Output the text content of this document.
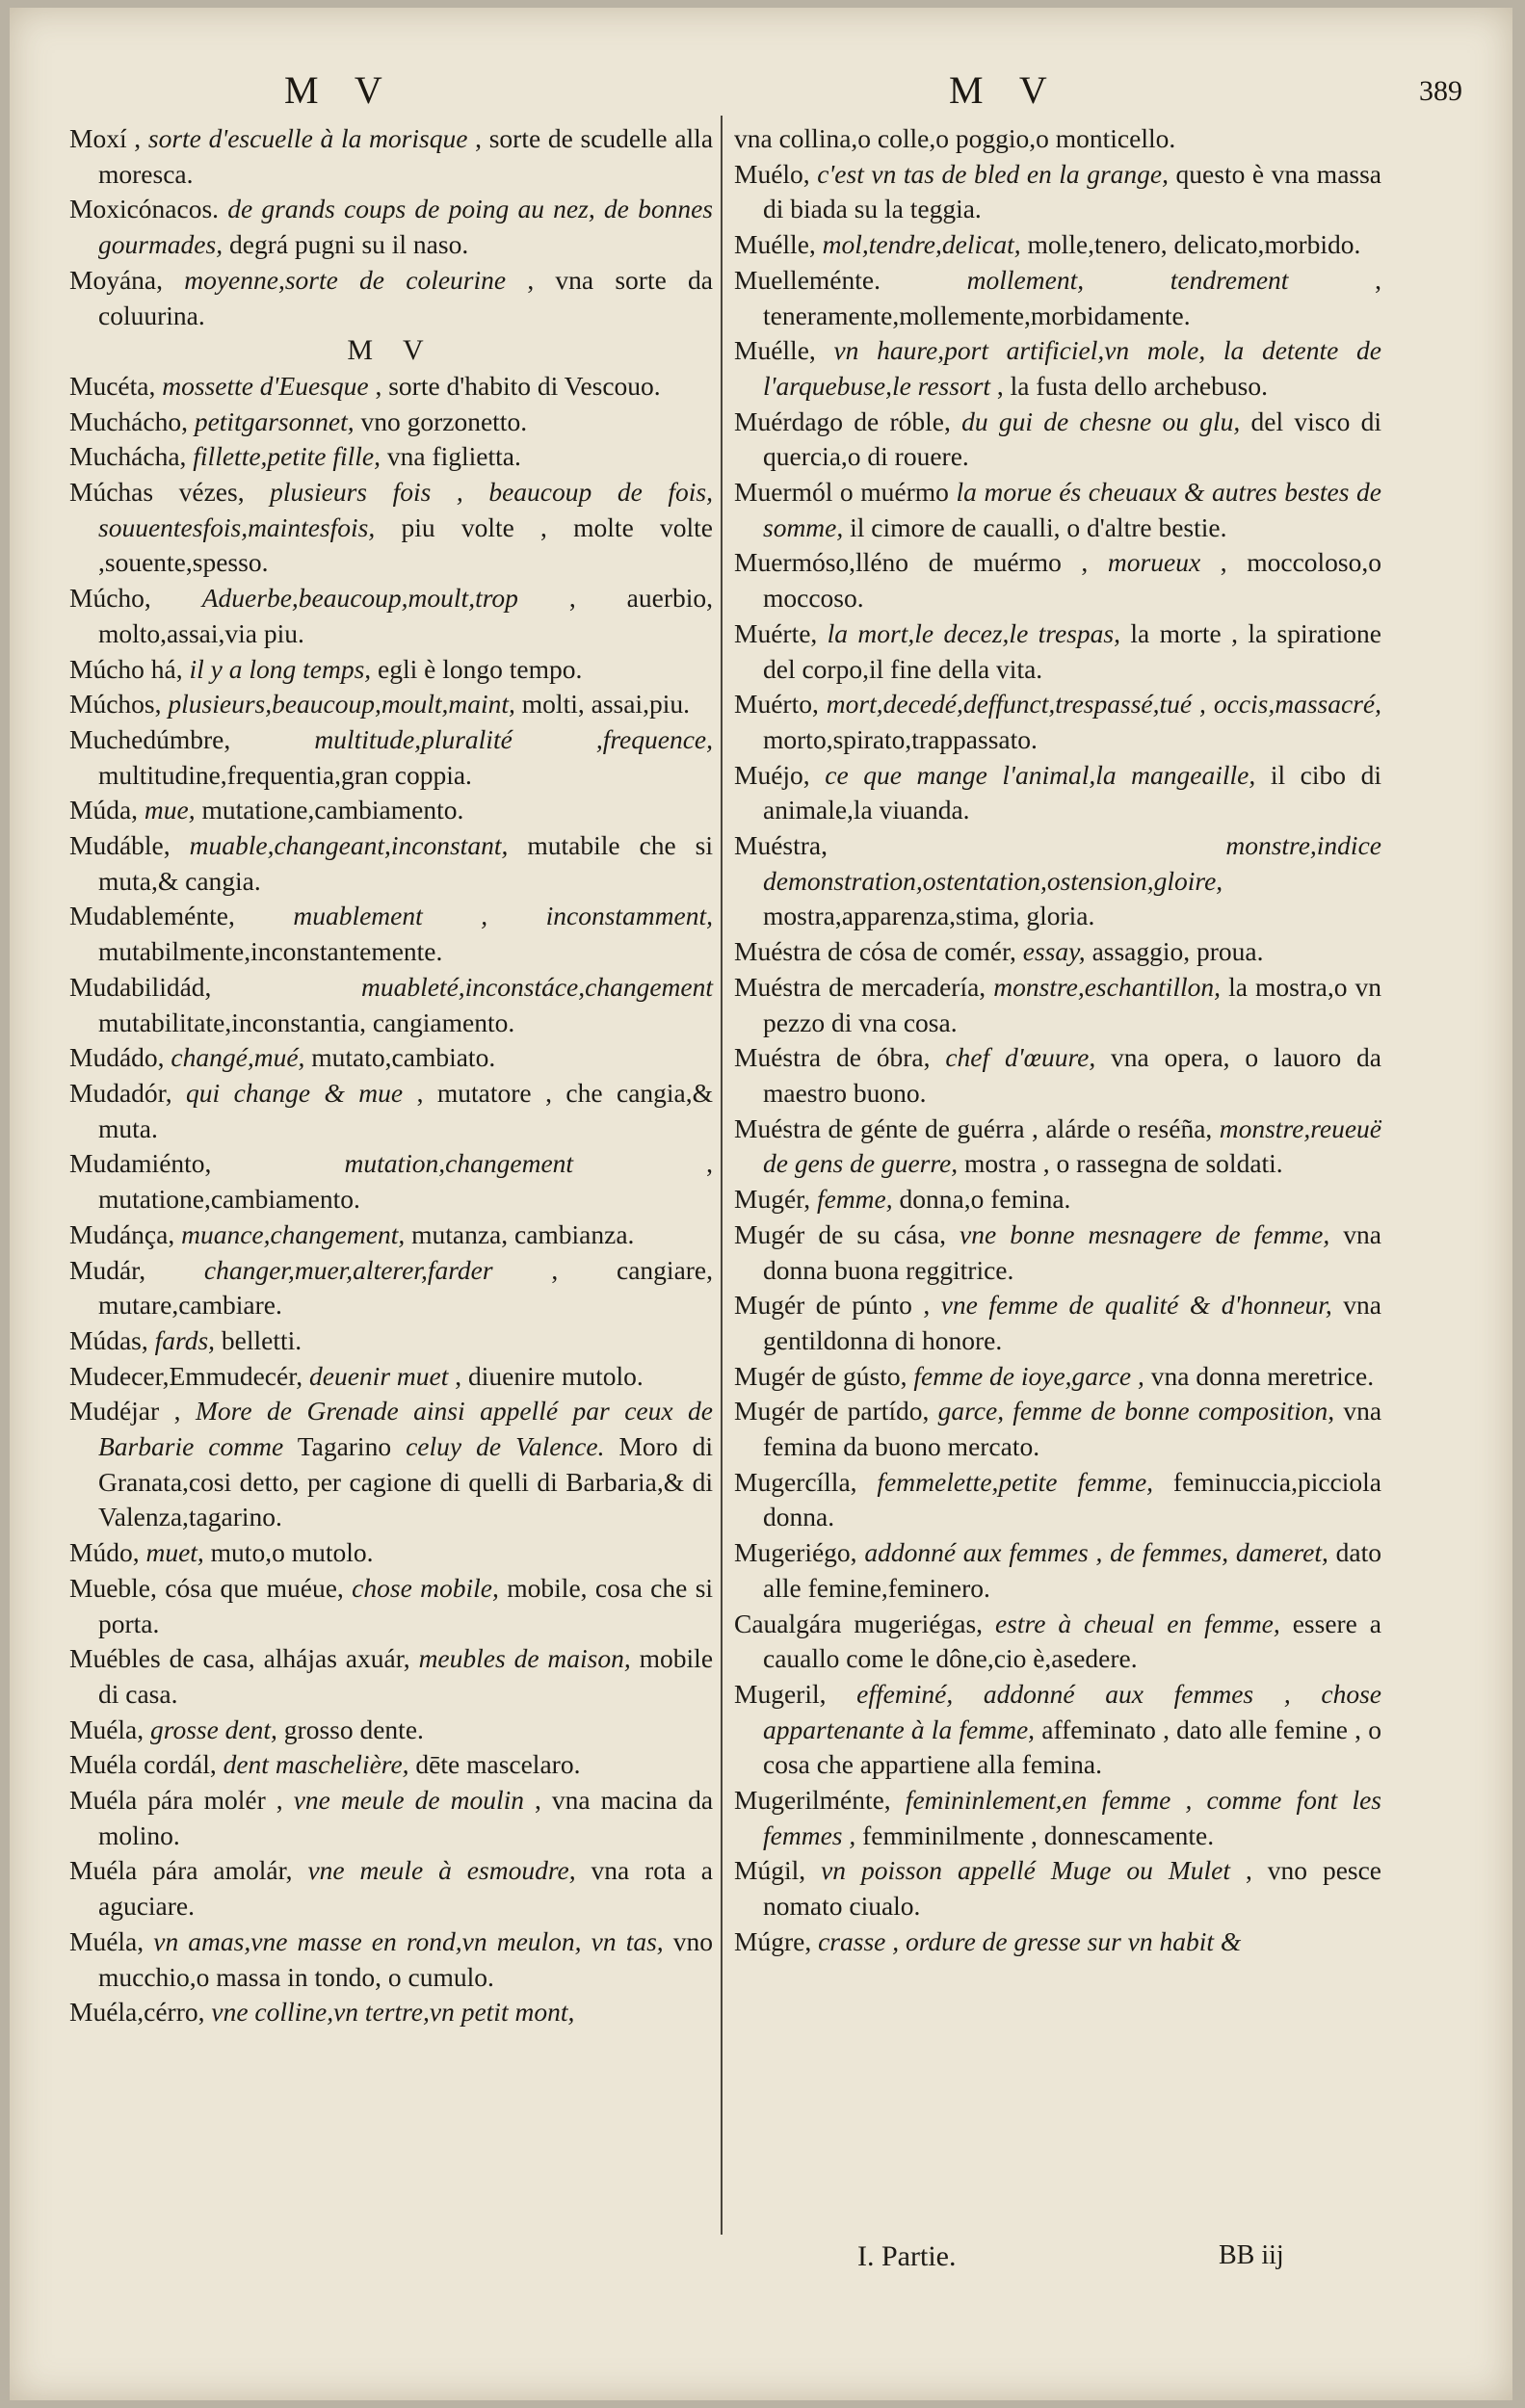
M V	M V	389
Moxí , sorte d'escuelle à la morisque , sorte de scudelle alla moresca.
Moxicónacos. de grands coups de poing au nez, de bonnes gourmades, degrá pugni su il naso.
Moyána, moyenne,sorte de coleurine , vna sorte da coluurina.
M V
Mucéta, mossette d'Euesque , sorte d'habito di Vescouo.
Muchácho, petitgarsonnet, vno gorzonetto.
Muchácha, fillette,petite fille, vna figlietta.
Múchas vézes, plusieurs fois , beaucoup de fois, souuentesfois,maintesfois, piu volte , molte volte ,souente,spesso.
Múcho, Aduerbe,beaucoup,moult,trop , auerbio, molto,assai,via piu.
Múcho há, il y a long temps, egli è longo tempo.
Múchos, plusieurs,beaucoup,moult,maint, molti, assai,piu.
Muchedúmbre,	multitude,pluralité ,frequence, multitudine,frequentia,gran coppia.
Múda, mue, mutatione,cambiamento.
Mudáble, muable,changeant,inconstant, mutabile che si muta,& cangia.
Mudableménte, muablement , inconstamment, mutabilmente,inconstantemente.
Mudabilidád,	muableté,inconstáce,changement mutabilitate,inconstantia, cangiamento.
Mudádo, changé,mué, mutato,cambiato.
Mudadór, qui change & mue , mutatore , che cangia,& muta.
Mudamiénto,	mutation,changement	, mutatione,cambiamento.
Mudánça, muance,changement, mutanza, cambianza.
Mudár, changer,muer,alterer,farder , cangiare, mutare,cambiare.
Múdas, fards, belletti.
Mudecer,Emmudecér, deuenir muet , diuenire mutolo.
Mudéjar , More de Grenade ainsi appellé par ceux de Barbarie comme Tagarino celuy de Valence. Moro di Granata,cosi detto, per cagione di quelli di Barbaria,& di Valenza,tagarino.
Múdo, muet, muto,o mutolo.
Mueble, cósa que muéue, chose mobile, mobile, cosa che si porta.
Muébles de casa, alhájas axuár, meubles de maison, mobile di casa.
Muéla, grosse dent, grosso dente.
Muéla cordál, dent maschelière, dēte mascelaro.
Muéla pára molér , vne meule de moulin , vna macina da molino.
Muéla pára amolár, vne meule à esmoudre, vna rota a aguciare.
Muéla, vn amas,vne masse en rond,vn meulon, vn tas, vno mucchio,o massa in tondo, o cumulo.
Muéla,cérro, vne colline,vn tertre,vn petit mont,
vna collina,o colle,o poggio,o monticello.
Muélo, c'est vn tas de bled en la grange, questo è vna massa di biada su la teggia.
Muélle, mol,tendre,delicat, molle,tenero, delicato,morbido.
Muelleménte.	mollement, tendrement	, teneramente,mollemente,morbidamente.
Muélle, vn haure,port artificiel,vn mole, la detente de l'arquebuse,le ressort , la fusta dello archebuso.
Muérdago de róble, du gui de chesne ou glu, del visco di quercia,o di rouere.
Muermól o muérmo la morue és cheuaux & autres bestes de somme, il cimore de caualli, o d'altre bestie.
Muermóso,lléno de muérmo , morueux , moccoloso,o moccoso.
Muérte, la mort,le decez,le trespas, la morte , la spiratione del corpo,il fine della vita.
Muérto, mort,decedé,deffunct,trespassé,tué , occis,massacré, morto,spirato,trappassato.
Muéjo, ce que mange l'animal,la mangeaille, il cibo di animale,la viuanda.
Muéstra,	monstre,indice demonstration,ostentation,ostension,gloire, mostra,apparenza,stima, gloria.
Muéstra de cósa de comér, essay, assaggio, proua.
Muéstra de mercadería, monstre,eschantillon, la mostra,o vn pezzo di vna cosa.
Muéstra de óbra, chef d'œuure, vna opera, o lauoro da maestro buono.
Muéstra de génte de guérra , alárde o reséña, monstre,reueuë de gens de guerre, mostra , o rassegna de soldati.
Mugér, femme, donna,o femina.
Mugér de su cása, vne bonne mesnagere de femme, vna donna buona reggitrice.
Mugér de púnto , vne femme de qualité & d'honneur, vna gentildonna di honore.
Mugér de gústo, femme de ioye,garce , vna donna meretrice.
Mugér de partído, garce, femme de bonne composition, vna femina da buono mercato.
Mugercílla, femmelette,petite femme, feminuccia,picciola donna.
Mugeriégo, addonné aux femmes , de femmes, dameret, dato alle femine,feminero.
Caualgára mugeriégas, estre à cheual en femme, essere a cauallo come le dône,cio è,asedere.
Mugeril, effeminé, addonné aux femmes , chose appartenante à la femme, affeminato , dato alle femine , o cosa che appartiene alla femina.
Mugerilménte, femininlement,en femme , comme font les femmes , femminilmente , donnescamente.
Múgil, vn poisson appellé Muge ou Mulet , vno pesce nomato ciualo.
Múgre, crasse , ordure de gresse sur vn habit &
I. Partie.	BB iij
